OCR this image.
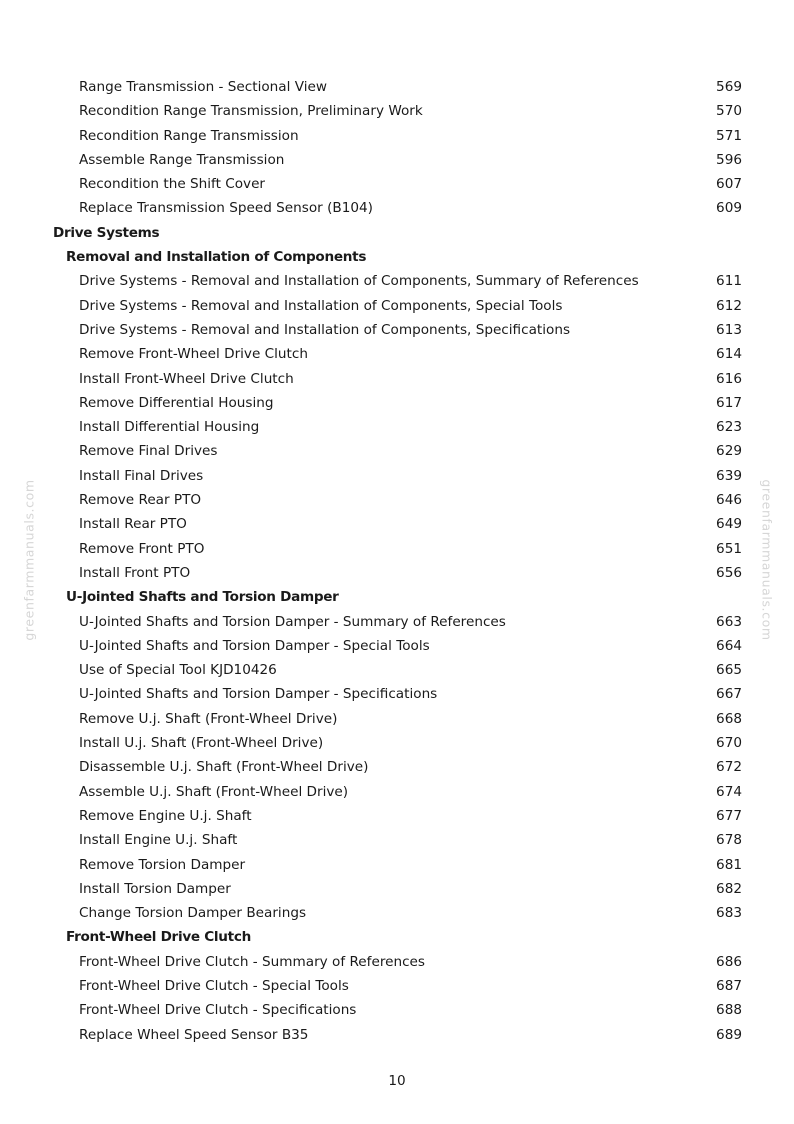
Range Transmission - Sectional View	569
Recondition Range Transmission, Preliminary Work	570
Recondition Range Transmission	571
Assemble Range Transmission	596
Recondition the Shift Cover	607
Replace Transmission Speed Sensor (B104)	609
Drive Systems
Removal and Installation of Components
Drive Systems - Removal and Installation of Components, Summary of References	611
Drive Systems - Removal and Installation of Components, Special Tools	612
Drive Systems - Removal and Installation of Components, Specifications	613
Remove Front-Wheel Drive Clutch	614
Install Front-Wheel Drive Clutch	616
Remove Differential Housing	617
Install Differential Housing	623
Remove Final Drives	629
Install Final Drives	639
Remove Rear PTO	646
Install Rear PTO	649
Remove Front PTO	651
Install Front PTO	656
U-Jointed Shafts and Torsion Damper
U-Jointed Shafts and Torsion Damper - Summary of References	663
U-Jointed Shafts and Torsion Damper - Special Tools	664
Use of Special Tool KJD10426	665
U-Jointed Shafts and Torsion Damper - Specifications	667
Remove U.j. Shaft (Front-Wheel Drive)	668
Install U.j. Shaft (Front-Wheel Drive)	670
Disassemble U.j. Shaft (Front-Wheel Drive)	672
Assemble U.j. Shaft (Front-Wheel Drive)	674
Remove Engine U.j. Shaft	677
Install Engine U.j. Shaft	678
Remove Torsion Damper	681
Install Torsion Damper	682
Change Torsion Damper Bearings	683
Front-Wheel Drive Clutch
Front-Wheel Drive Clutch - Summary of References	686
Front-Wheel Drive Clutch - Special Tools	687
Front-Wheel Drive Clutch - Specifications	688
Replace Wheel Speed Sensor B35	689
10
greenfarmmanuals.com	greenfarmmanuals.com
